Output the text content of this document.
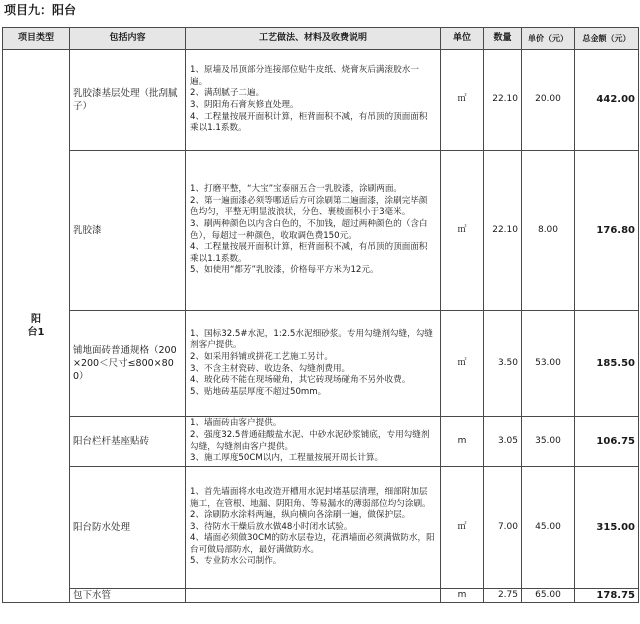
项目九：阳台
项目类型	包括内容	工艺做法、材料及收费说明	单位	数量	单价（元）	总金额（元）
阳台1	乳胶漆基层处理（批刮腻子）	1、原墙及吊顶部分连接部位贴牛皮纸、烧膏灰后满滚胶水一遍。
2、满刮腻子二遍。
3、阴阳角石膏灰修直处理。
4、工程量按展开面积计算，柜背面积不减，有吊顶的顶面面积乘以1.1系数。	㎡	22.10	20.00	442.00
	乳胶漆	1、打磨平整，“大宝”宝泰丽五合一乳胶漆，涂刷两面。
2、第一遍面漆必须等哪适后方可涂刷第二遍面漆，涂刷完毕颜色均匀，平整无明显波浪状，分色、裹棱面积小于3毫米。
3、刷两种颜色以内含白色的，不加钱，超过两种颜色的（含白色），每超过一种颜色，收取调色费150元。
4、工程量按展开面积计算，柜背面积不减，有吊顶的顶面面积乘以1.1系数。
5、如使用“都芳”乳胶漆，价格每平方米为12元。	㎡	22.10	8.00	176.80
	铺地面砖普通规格（200×200＜尺寸≤800×800）	1、国标32.5#水泥，1:2.5水泥细砂浆。专用勾缝剂勾缝，勾缝剂客户提供。
2、如采用斜铺或拼花工艺施工另计。
3、不含主材瓷砖、收边条、勾缝剂费用。
4、玻化砖不能在现场碰角，其它砖现场碰角不另外收费。
5、贴地砖基层厚度不超过50mm。	㎡	3.50	53.00	185.50
	阳台栏杆基座贴砖	1、墙面砖由客户提供。
2、强度32.5普通硅酸盐水泥、中砂水泥砂浆铺底，专用勾缝剂勾缝，勾缝剂由客户提供。
3、施工厚度50CM以内，工程量按展开周长计算。	m	3.05	35.00	106.75
	阳台防水处理	1、首先墙面将水电改造开槽用水泥封堵基层清理，细部附加层施工，在管根、地漏、阴阳角、等易漏水的薄弱部位均匀涂刷。
2、涂刷防水涂料两遍，纵向横向各涂刷一遍，做保护层。
3、待防水干燥后放水做48小时闭水试验。
4、墙面必须做30CM的防水层卷边，花洒墙面必须满做防水，阳台可做局部防水，最好满做防水。
5、专业防水公司制作。	㎡	7.00	45.00	315.00
	包下水管		m	2.75	65.00	178.75
